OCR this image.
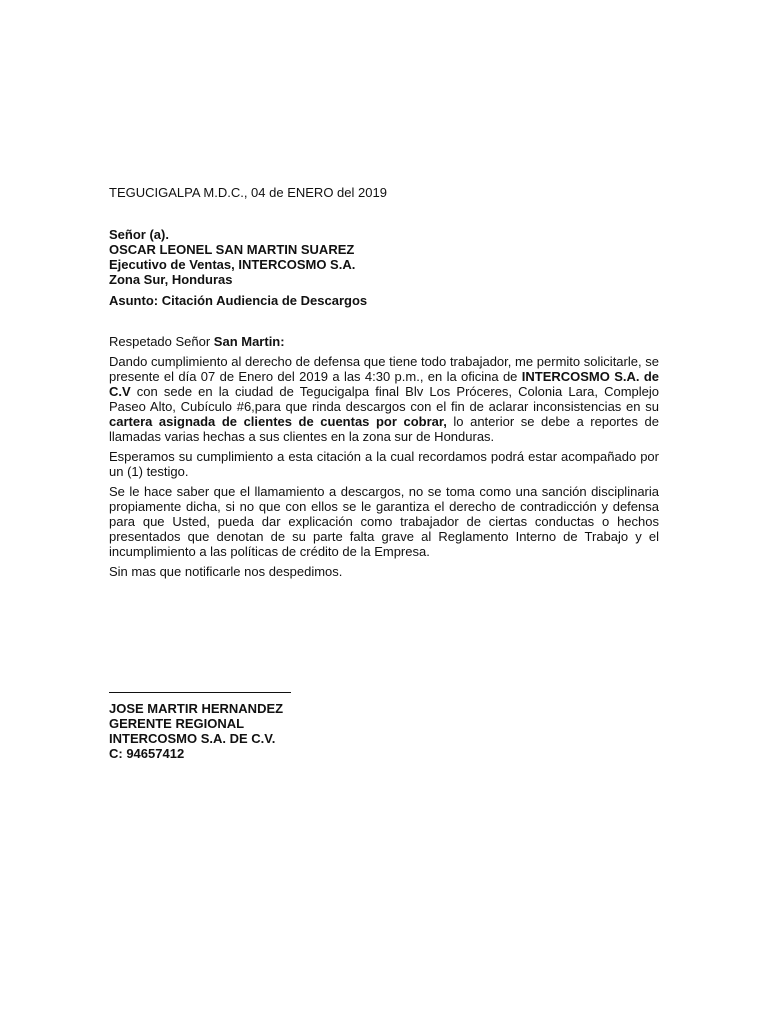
TEGUCIGALPA M.D.C., 04 de ENERO del 2019

Señor (a).

OSCAR LEONEL SAN MARTIN SUAREZ

Ejecutivo de Ventas, INTERCOSMO S.A.

Zona Sur, Honduras

Asunto: Citación Audiencia de Descargos

Respetado Señor San Martin:

Dando cumplimiento al derecho de defensa que tiene todo trabajador, me permito solicitarle, se presente el día 07 de Enero del 2019 a las 4:30 p.m., en la oficina de INTERCOSMO S.A. de C.V con sede en la ciudad de Tegucigalpa final Blv Los Próceres, Colonia Lara, Complejo Paseo Alto, Cubículo #6,para que rinda descargos con el fin de aclarar inconsistencias en su cartera asignada de clientes de cuentas por cobrar, lo anterior se debe a reportes de llamadas varias hechas a sus clientes en la zona sur de Honduras.

Esperamos su cumplimiento a esta citación a la cual recordamos podrá estar acompañado por un (1) testigo.

Se le hace saber que el llamamiento a descargos, no se toma como una sanción disciplinaria propiamente dicha, si no que con ellos se le garantiza el derecho de contradicción y defensa para que Usted, pueda dar explicación como trabajador de ciertas conductas o hechos presentados que denotan de su parte falta grave al Reglamento Interno de Trabajo y el incumplimiento a las políticas de crédito de la Empresa.

Sin mas que notificarle nos despedimos.

JOSE MARTIR HERNANDEZ

GERENTE REGIONAL

INTERCOSMO S.A. DE C.V.

C: 94657412
